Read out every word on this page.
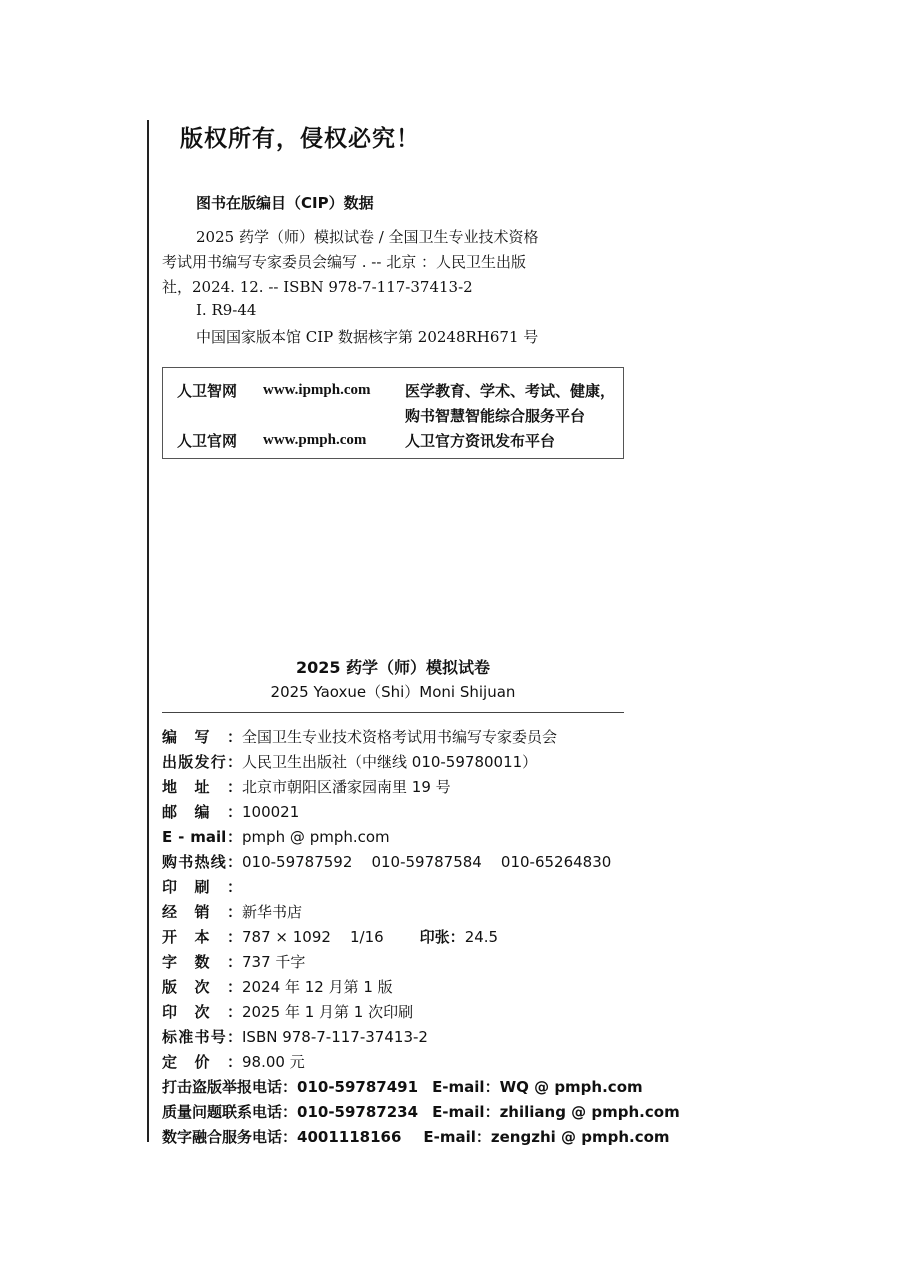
版权所有，侵权必究！
图书在版编目（CIP）数据
2025 药学（师）模拟试卷 / 全国卫生专业技术资格
考试用书编写专家委员会编写 . -- 北京 ：人民卫生出版
社，2024. 12. -- ISBN 978-7-117-37413-2
Ⅰ. R9-44
中国国家版本馆 CIP 数据核字第 20248RH671 号
人卫智网 www.ipmph.com 医学教育、学术、考试、健康，
购书智慧智能综合服务平台
人卫官网 www.pmph.com	人卫官方资讯发布平台
2025 药学（师）模拟试卷
2025 Yaoxue（Shi）Moni Shijuan
编写：全国卫生专业技术资格考试用书编写专家委员会
出版发行：人民卫生出版社（中继线 010-59780011）
地址：北京市朝阳区潘家园南里 19 号
邮编：100021
E - mail：pmph @ pmph.com
购书热线：010-59787592    010-59787584    010-65264830
印刷：
经销：新华书店
开本：787 × 1092    1/16 印张：24.5
字数：737 千字
版次：2024 年 12 月第 1 版
印次：2025 年 1 月第 1 次印刷
标准书号：ISBN 978-7-117-37413-2
定价：98.00 元
打击盗版举报电话：010-59787491 E-mail：WQ @ pmph.com
质量问题联系电话：010-59787234 E-mail：zhiliang @ pmph.com
数字融合服务电话：4001118166 E-mail：zengzhi @ pmph.com
